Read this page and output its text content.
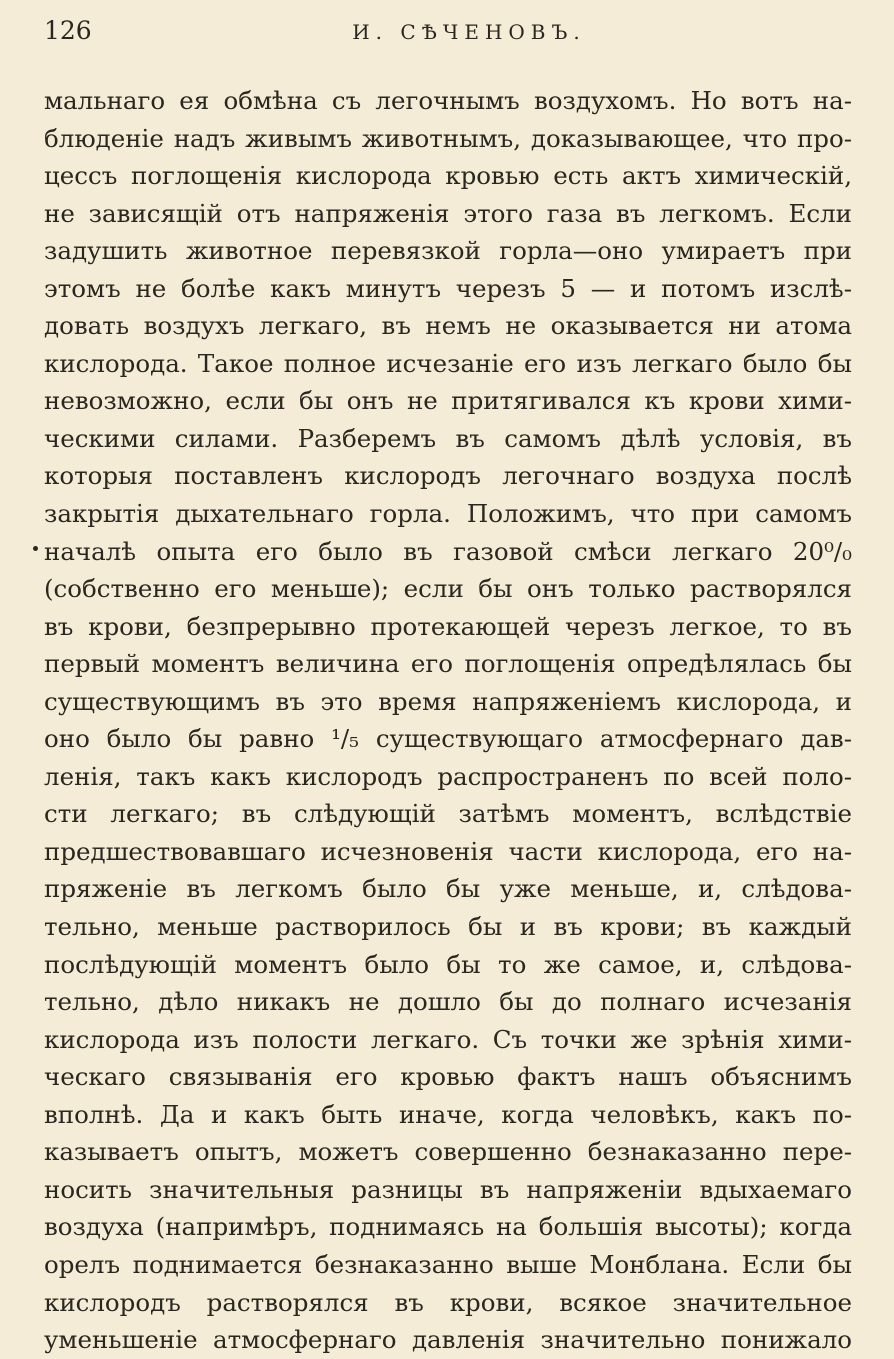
126	И. СѢЧЕНОВЪ.
мальнаго ея обмѣна съ легочнымъ воздухомъ. Но вотъ на-
блюденіе надъ живымъ животнымъ, доказывающее, что про-
цессъ поглощенія кислорода кровью есть актъ химическій,
не зависящій отъ напряженія этого газа въ легкомъ. Если
задушить животное перевязкой горла—оно умираетъ при
этомъ не болѣе какъ минутъ черезъ 5 — и потомъ изслѣ-
довать воздухъ легкаго, въ немъ не оказывается ни атома
кислорода. Такое полное исчезаніе его изъ легкаго было бы
невозможно, если бы онъ не притягивался къ крови хими-
ческими силами. Разберемъ въ самомъ дѣлѣ условія, въ
которыя поставленъ кислородъ легочнаго воздуха послѣ
закрытія дыхательнаго горла. Положимъ, что при самомъ
началѣ опыта его было въ газовой смѣси легкаго 20⁰/₀
(собственно его меньше); если бы онъ только растворялся
въ крови, безпрерывно протекающей черезъ легкое, то въ
первый моментъ величина его поглощенія опредѣлялась бы
существующимъ въ это время напряженіемъ кислорода, и
оно было бы равно ¹/₅ существующаго атмосфернаго дав-
ленія, такъ какъ кислородъ распространенъ по всей поло-
сти легкаго; въ слѣдующій затѣмъ моментъ, вслѣдствіе
предшествовавшаго исчезновенія части кислорода, его на-
пряженіе въ легкомъ было бы уже меньше, и, слѣдова-
тельно, меньше растворилось бы и въ крови; въ каждый
послѣдующій моментъ было бы то же самое, и, слѣдова-
тельно, дѣло никакъ не дошло бы до полнаго исчезанія
кислорода изъ полости легкаго. Съ точки же зрѣнія хими-
ческаго связыванія его кровью фактъ нашъ объяснимъ
вполнѣ. Да и какъ быть иначе, когда человѣкъ, какъ по-
казываетъ опытъ, можетъ совершенно безнаказанно пере-
носить значительныя разницы въ напряженіи вдыхаемаго
воздуха (напримѣръ, поднимаясь на большія высоты); когда
орелъ поднимается безнаказанно выше Монблана. Если бы
кислородъ растворялся въ крови, всякое значительное
уменьшеніе атмосфернаго давленія значительно понижало
